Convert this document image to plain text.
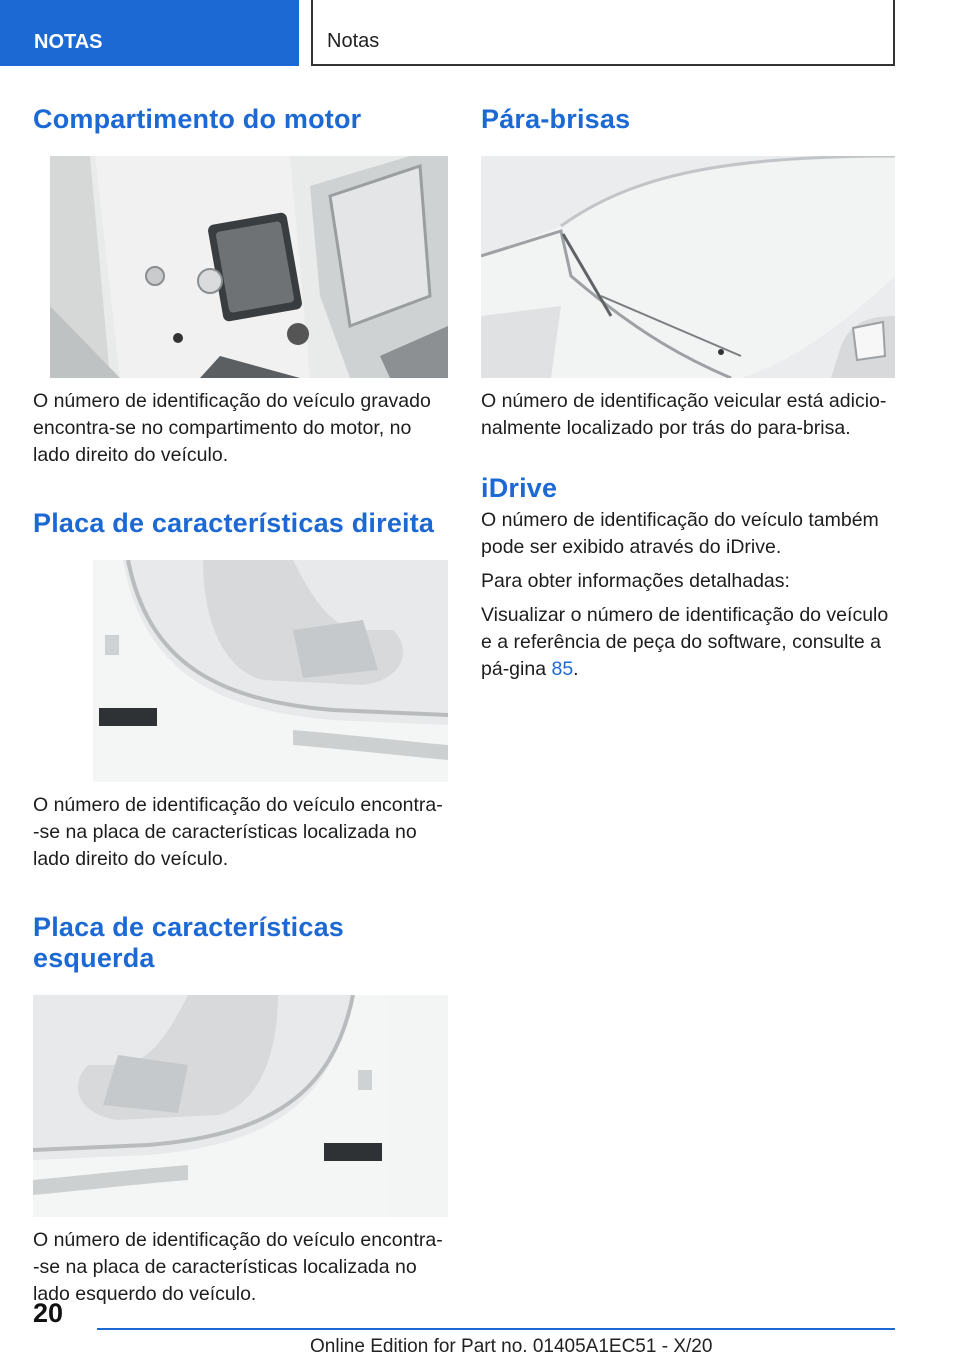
NOTAS	Notas
Compartimento do motor

O número de identificação do veículo gravado encontra-se no compartimento do motor, no lado direito do veículo.

Placa de características direita

O número de identificação do veículo encontra--se na placa de características localizada no lado direito do veículo.

Placa de características
esquerda

O número de identificação do veículo encontra--se na placa de características localizada no lado esquerdo do veículo.

Pára-brisas

O número de identificação veicular está adicio-nalmente localizado por trás do para-brisa.

iDrive

O número de identificação do veículo também pode ser exibido através do iDrive.

Para obter informações detalhadas:

Visualizar o número de identificação do veículo e a referência de peça do software, consulte a pá-gina 85.

20
Online Edition for Part no. 01405A1EC51 - X/20
